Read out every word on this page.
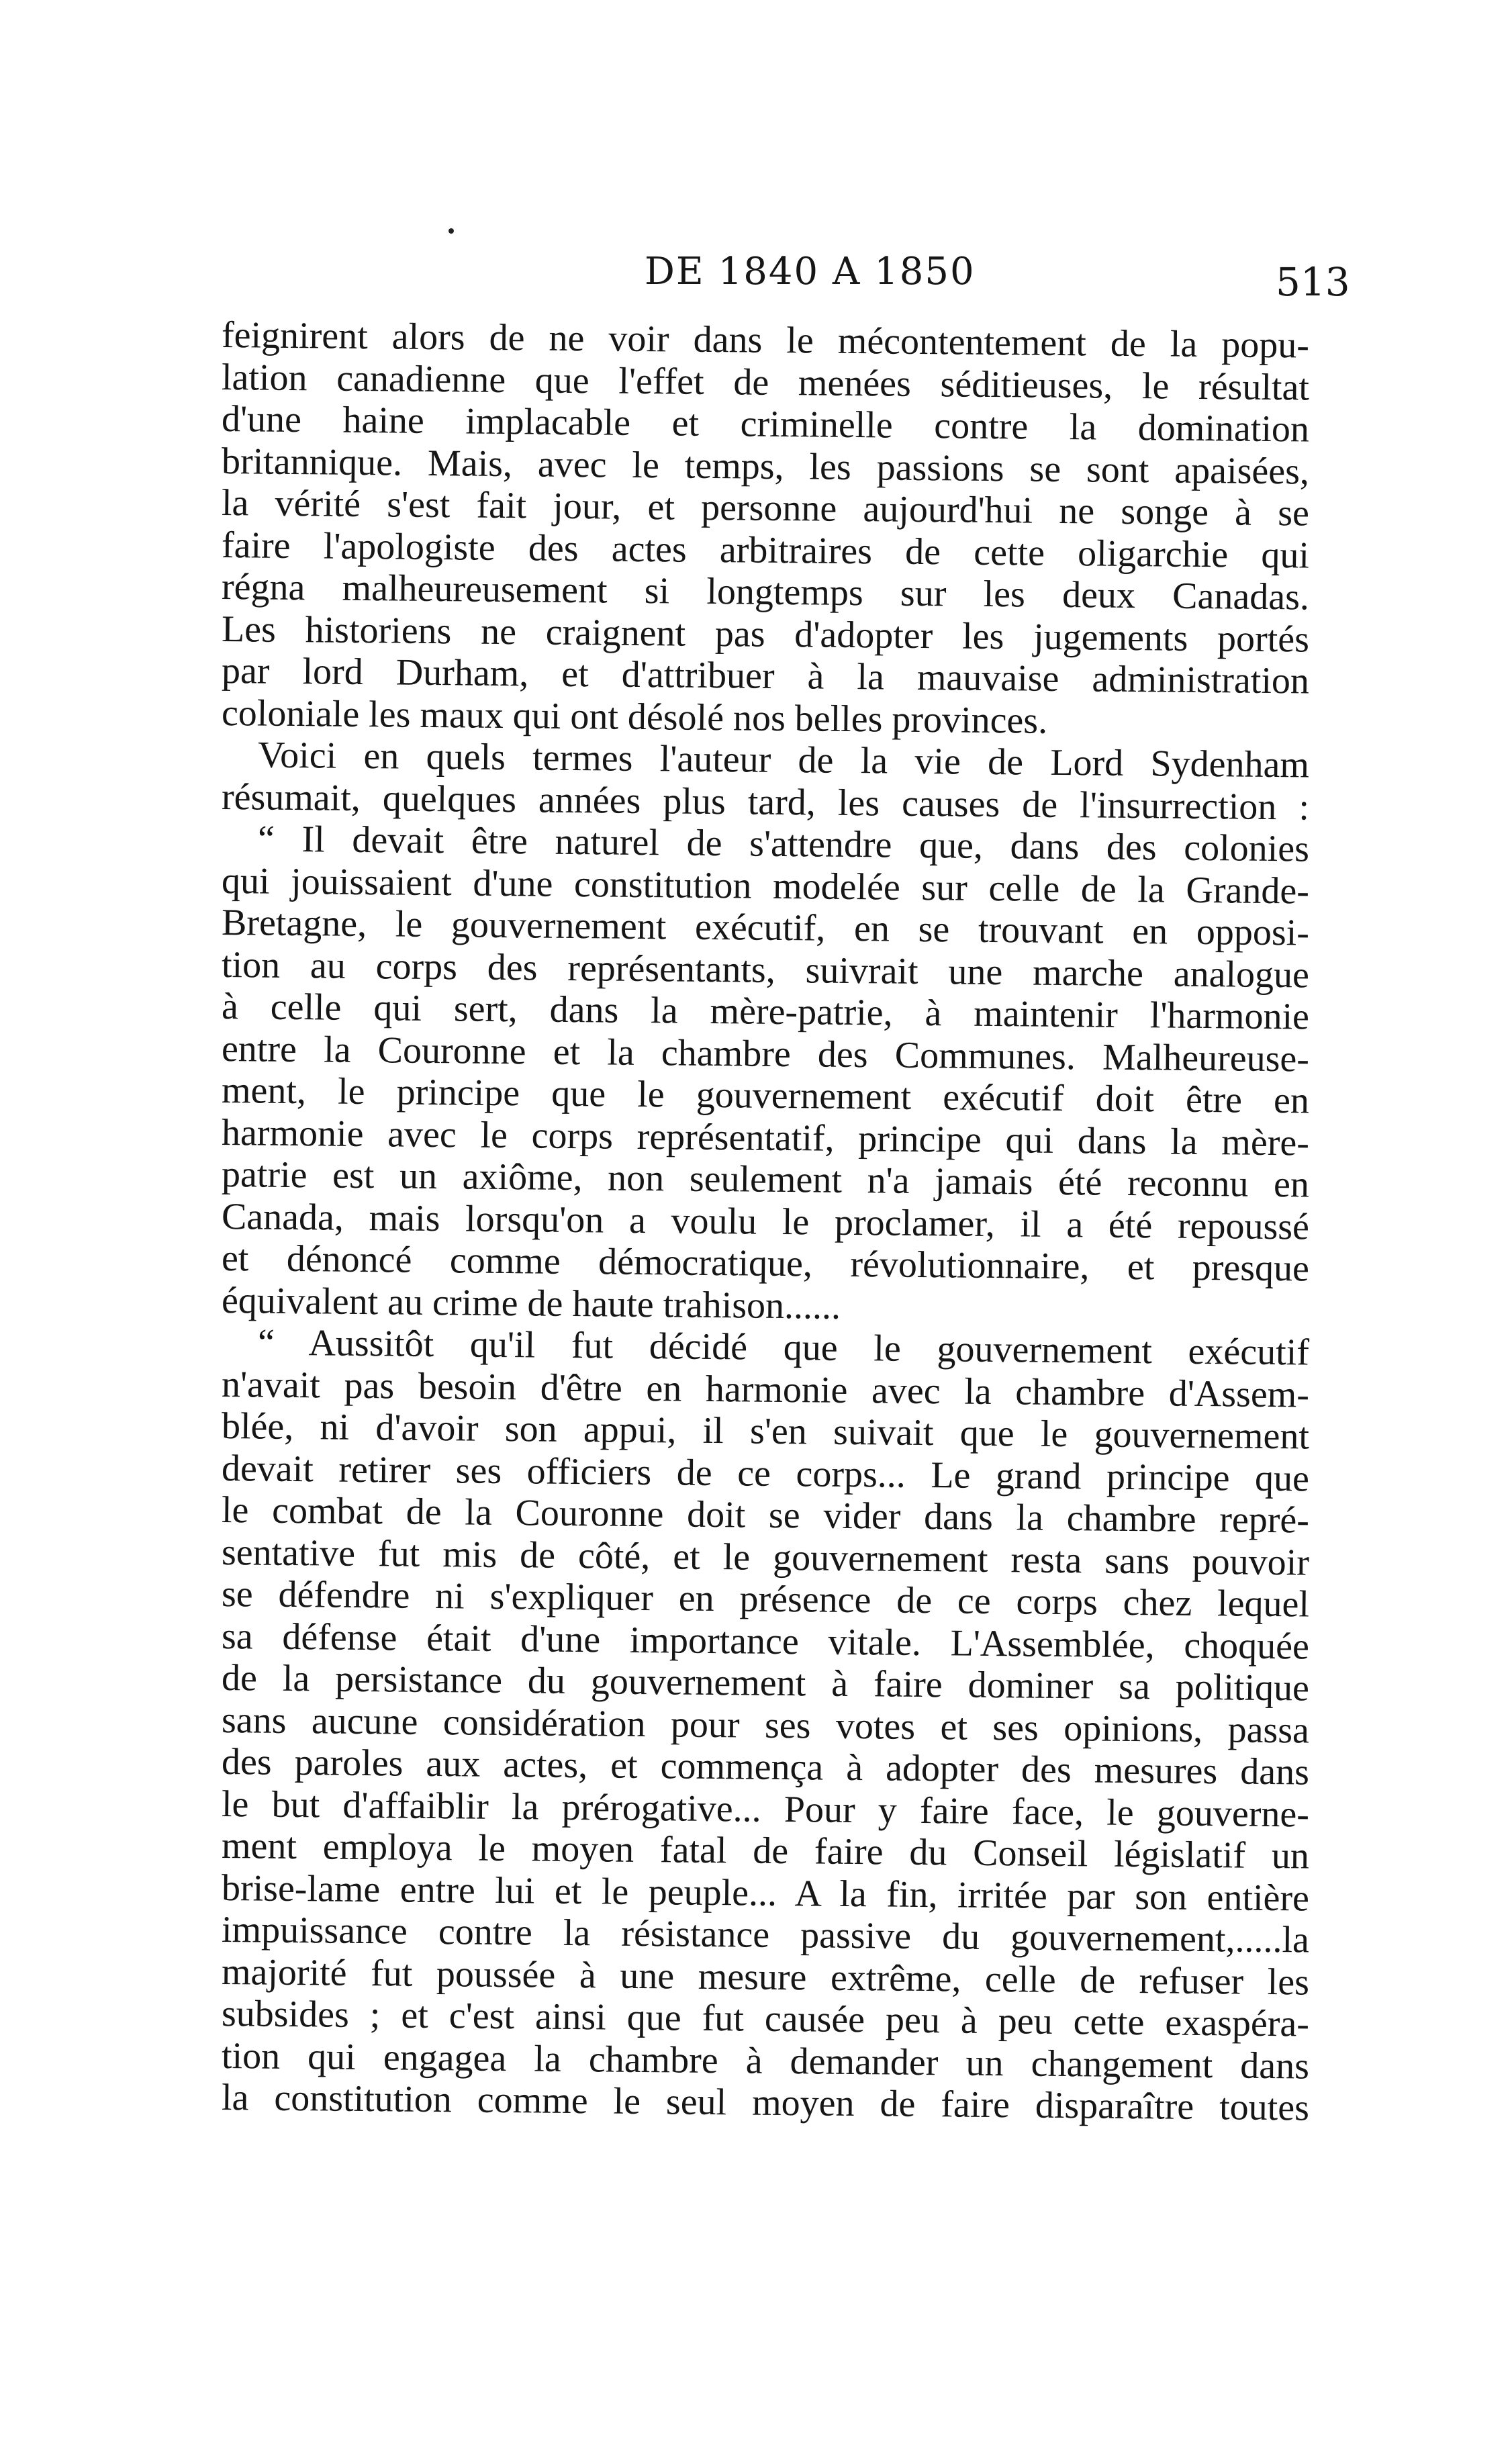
DE 1840 A 1850	513
feignirent alors de ne voir dans le mécontentement de la popu-
lation canadienne que l'effet de menées séditieuses, le résultat
d'une haine implacable et criminelle contre la domination
britannique. Mais, avec le temps, les passions se sont apaisées,
la vérité s'est fait jour, et personne aujourd'hui ne songe à se
faire l'apologiste des actes arbitraires de cette oligarchie qui
régna malheureusement si longtemps sur les deux Canadas.
Les historiens ne craignent pas d'adopter les jugements portés
par lord Durham, et d'attribuer à la mauvaise administration
coloniale les maux qui ont désolé nos belles provinces.
Voici en quels termes l'auteur de la vie de Lord Sydenham
résumait, quelques années plus tard, les causes de l'insurrection :
“ Il devait être naturel de s'attendre que, dans des colonies
qui jouissaient d'une constitution modelée sur celle de la Grande-
Bretagne, le gouvernement exécutif, en se trouvant en opposi-
tion au corps des représentants, suivrait une marche analogue
à celle qui sert, dans la mère-patrie, à maintenir l'harmonie
entre la Couronne et la chambre des Communes. Malheureuse-
ment, le principe que le gouvernement exécutif doit être en
harmonie avec le corps représentatif, principe qui dans la mère-
patrie est un axiôme, non seulement n'a jamais été reconnu en
Canada, mais lorsqu'on a voulu le proclamer, il a été repoussé
et dénoncé comme démocratique, révolutionnaire, et presque
équivalent au crime de haute trahison......
“ Aussitôt qu'il fut décidé que le gouvernement exécutif
n'avait pas besoin d'être en harmonie avec la chambre d'Assem-
blée, ni d'avoir son appui, il s'en suivait que le gouvernement
devait retirer ses officiers de ce corps... Le grand principe que
le combat de la Couronne doit se vider dans la chambre repré-
sentative fut mis de côté, et le gouvernement resta sans pouvoir
se défendre ni s'expliquer en présence de ce corps chez lequel
sa défense était d'une importance vitale. L'Assemblée, choquée
de la persistance du gouvernement à faire dominer sa politique
sans aucune considération pour ses votes et ses opinions, passa
des paroles aux actes, et commença à adopter des mesures dans
le but d'affaiblir la prérogative... Pour y faire face, le gouverne-
ment employa le moyen fatal de faire du Conseil législatif un
brise-lame entre lui et le peuple... A la fin, irritée par son entière
impuissance contre la résistance passive du gouvernement,.....la
majorité fut poussée à une mesure extrême, celle de refuser les
subsides ; et c'est ainsi que fut causée peu à peu cette exaspéra-
tion qui engagea la chambre à demander un changement dans
la constitution comme le seul moyen de faire disparaître toutes
